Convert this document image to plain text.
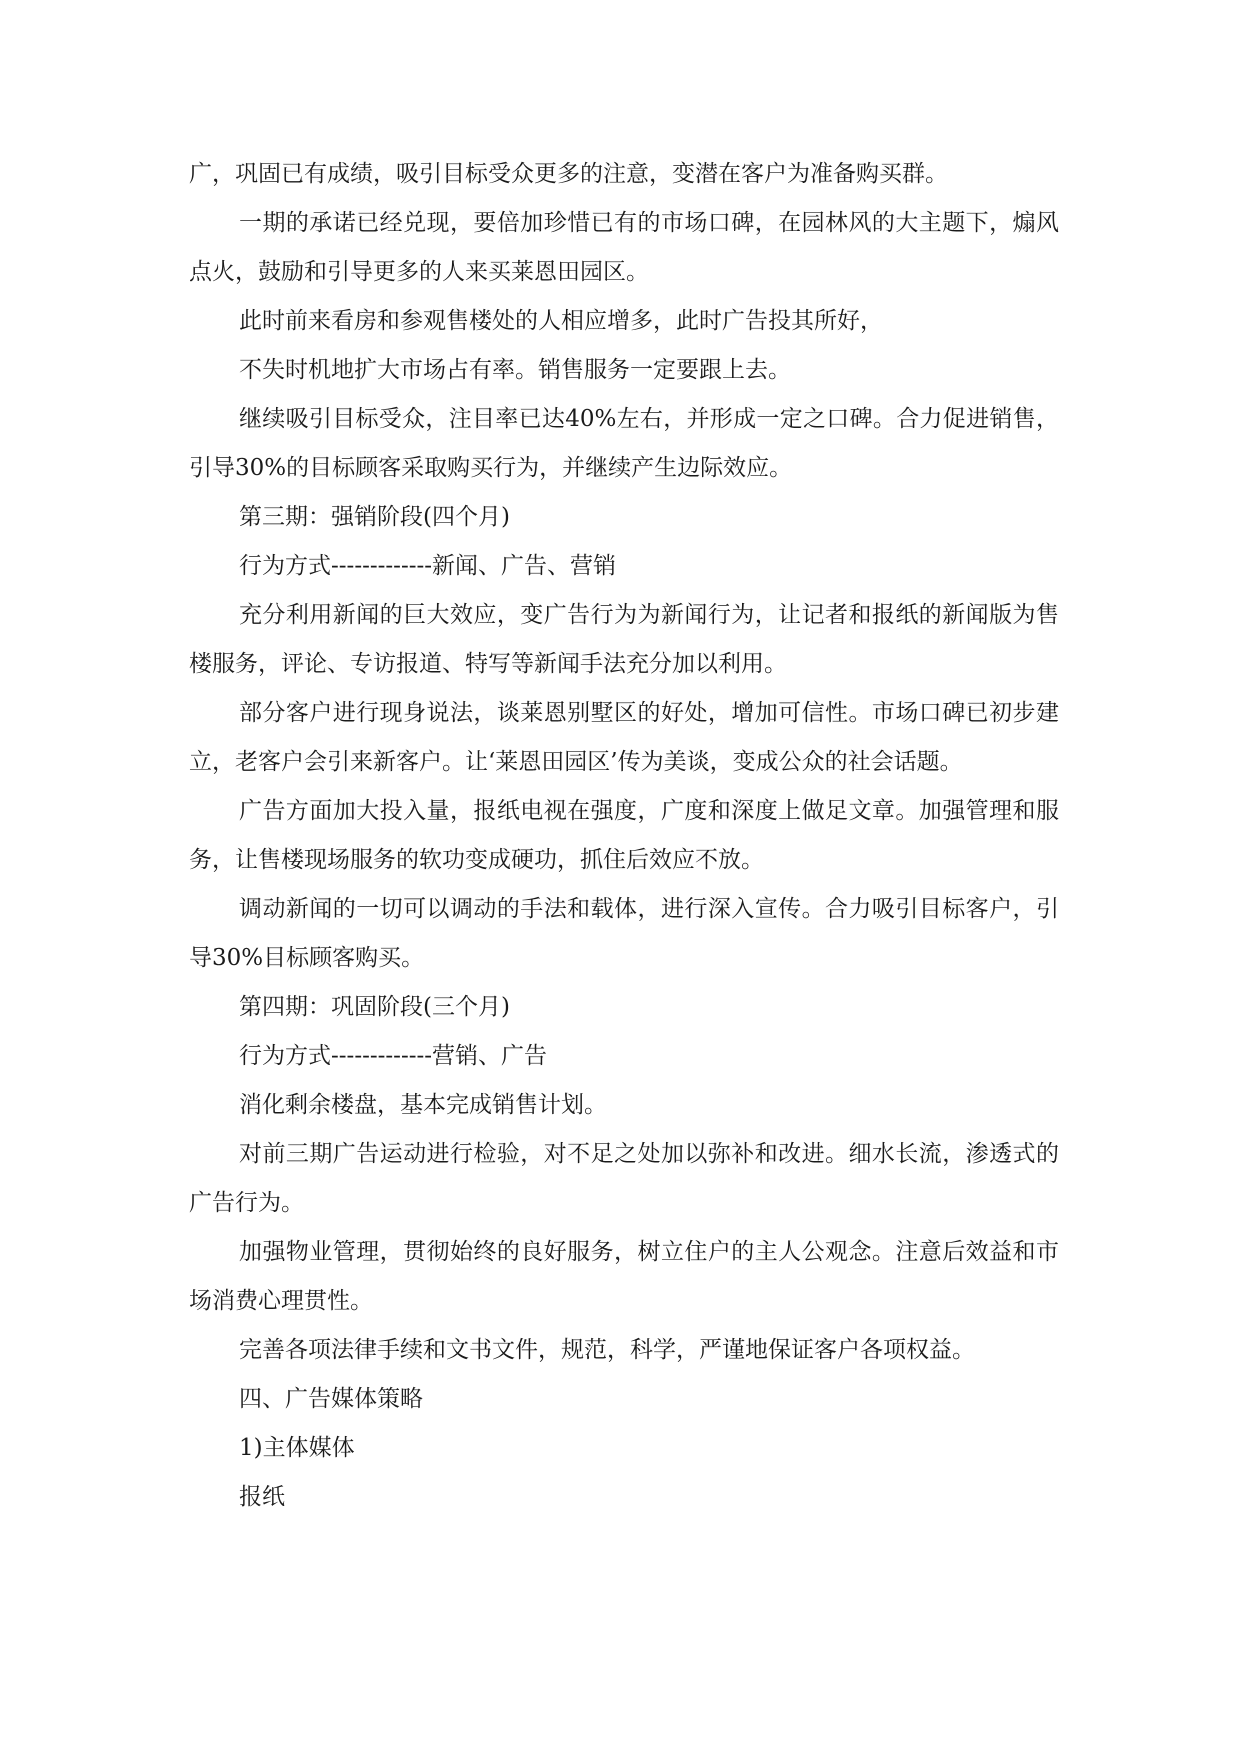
广，巩固已有成绩，吸引目标受众更多的注意，变潜在客户为准备购买群。

一期的承诺已经兑现，要倍加珍惜已有的市场口碑，在园林风的大主题下，煽风点火，鼓励和引导更多的人来买莱恩田园区。

此时前来看房和参观售楼处的人相应增多，此时广告投其所好，

不失时机地扩大市场占有率。销售服务一定要跟上去。

继续吸引目标受众，注目率已达40%左右，并形成一定之口碑。合力促进销售，引导30%的目标顾客采取购买行为，并继续产生边际效应。

第三期：强销阶段(四个月)

行为方式-------------新闻、广告、营销

充分利用新闻的巨大效应，变广告行为为新闻行为，让记者和报纸的新闻版为售楼服务，评论、专访报道、特写等新闻手法充分加以利用。

部分客户进行现身说法，谈莱恩别墅区的好处，增加可信性。市场口碑已初步建立，老客户会引来新客户。让‘莱恩田园区’传为美谈，变成公众的社会话题。

广告方面加大投入量，报纸电视在强度，广度和深度上做足文章。加强管理和服务，让售楼现场服务的软功变成硬功，抓住后效应不放。

调动新闻的一切可以调动的手法和载体，进行深入宣传。合力吸引目标客户，引导30%目标顾客购买。

第四期：巩固阶段(三个月)

行为方式-------------营销、广告

消化剩余楼盘，基本完成销售计划。

对前三期广告运动进行检验，对不足之处加以弥补和改进。细水长流，渗透式的广告行为。

加强物业管理，贯彻始终的良好服务，树立住户的主人公观念。注意后效益和市场消费心理贯性。

完善各项法律手续和文书文件，规范，科学，严谨地保证客户各项权益。

四、广告媒体策略

1)主体媒体

报纸
